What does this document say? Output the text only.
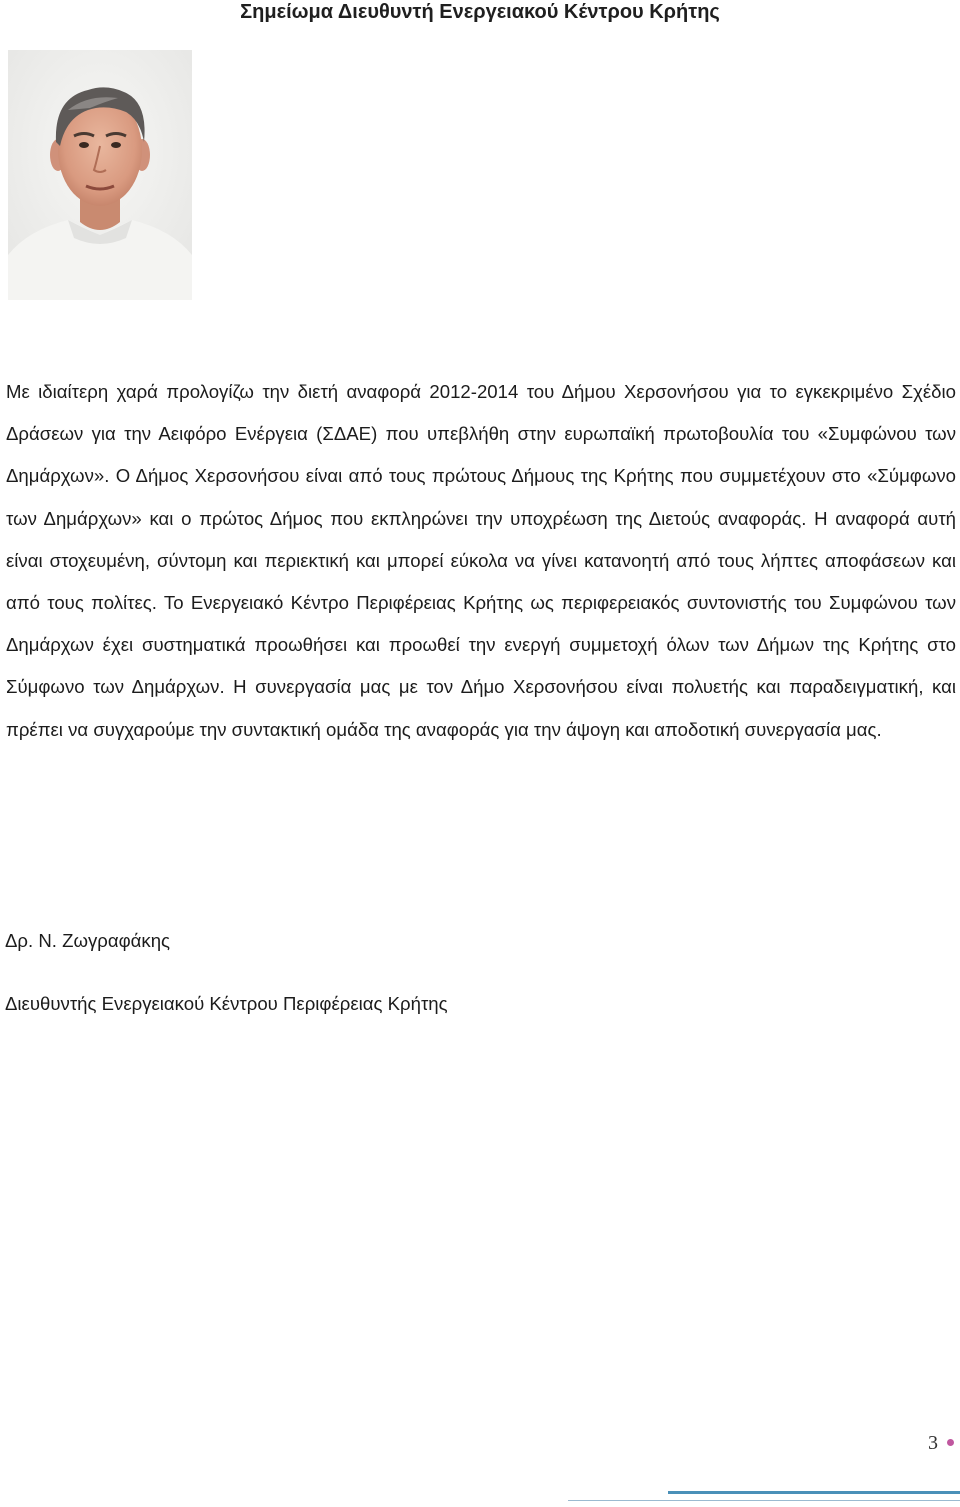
Σημείωμα Διευθυντή Ενεργειακού Κέντρου Κρήτης

Με ιδιαίτερη χαρά προλογίζω την διετή αναφορά 2012-2014 του Δήμου Χερσονήσου για το εγκεκριμένο Σχέδιο Δράσεων για την Αειφόρο Ενέργεια (ΣΔΑΕ) που υπεβλήθη στην ευρωπαϊκή πρωτοβουλία του «Συμφώνου των Δημάρχων». Ο Δήμος Χερσονήσου είναι από τους πρώτους Δήμους της Κρήτης που συμμετέχουν στο «Σύμφωνο των Δημάρχων» και ο πρώτος Δήμος που εκπληρώνει την υποχρέωση της Διετούς αναφοράς. Η αναφορά αυτή είναι στοχευμένη, σύντομη και περιεκτική και μπορεί εύκολα να γίνει κατανοητή από τους λήπτες αποφάσεων και από τους πολίτες. Το Ενεργειακό Κέντρο Περιφέρειας Κρήτης ως περιφερειακός συντονιστής του Συμφώνου των Δημάρχων έχει συστηματικά προωθήσει και προωθεί την ενεργή συμμετοχή όλων των Δήμων της Κρήτης στο Σύμφωνο των Δημάρχων. Η συνεργασία μας με τον Δήμο Χερσονήσου είναι πολυετής και παραδειγματική, και πρέπει να συγχαρούμε την συντακτική ομάδα της αναφοράς για την άψογη και αποδοτική συνεργασία μας.

Δρ. Ν. Ζωγραφάκης
Διευθυντής Ενεργειακού Κέντρου Περιφέρειας Κρήτης
3
